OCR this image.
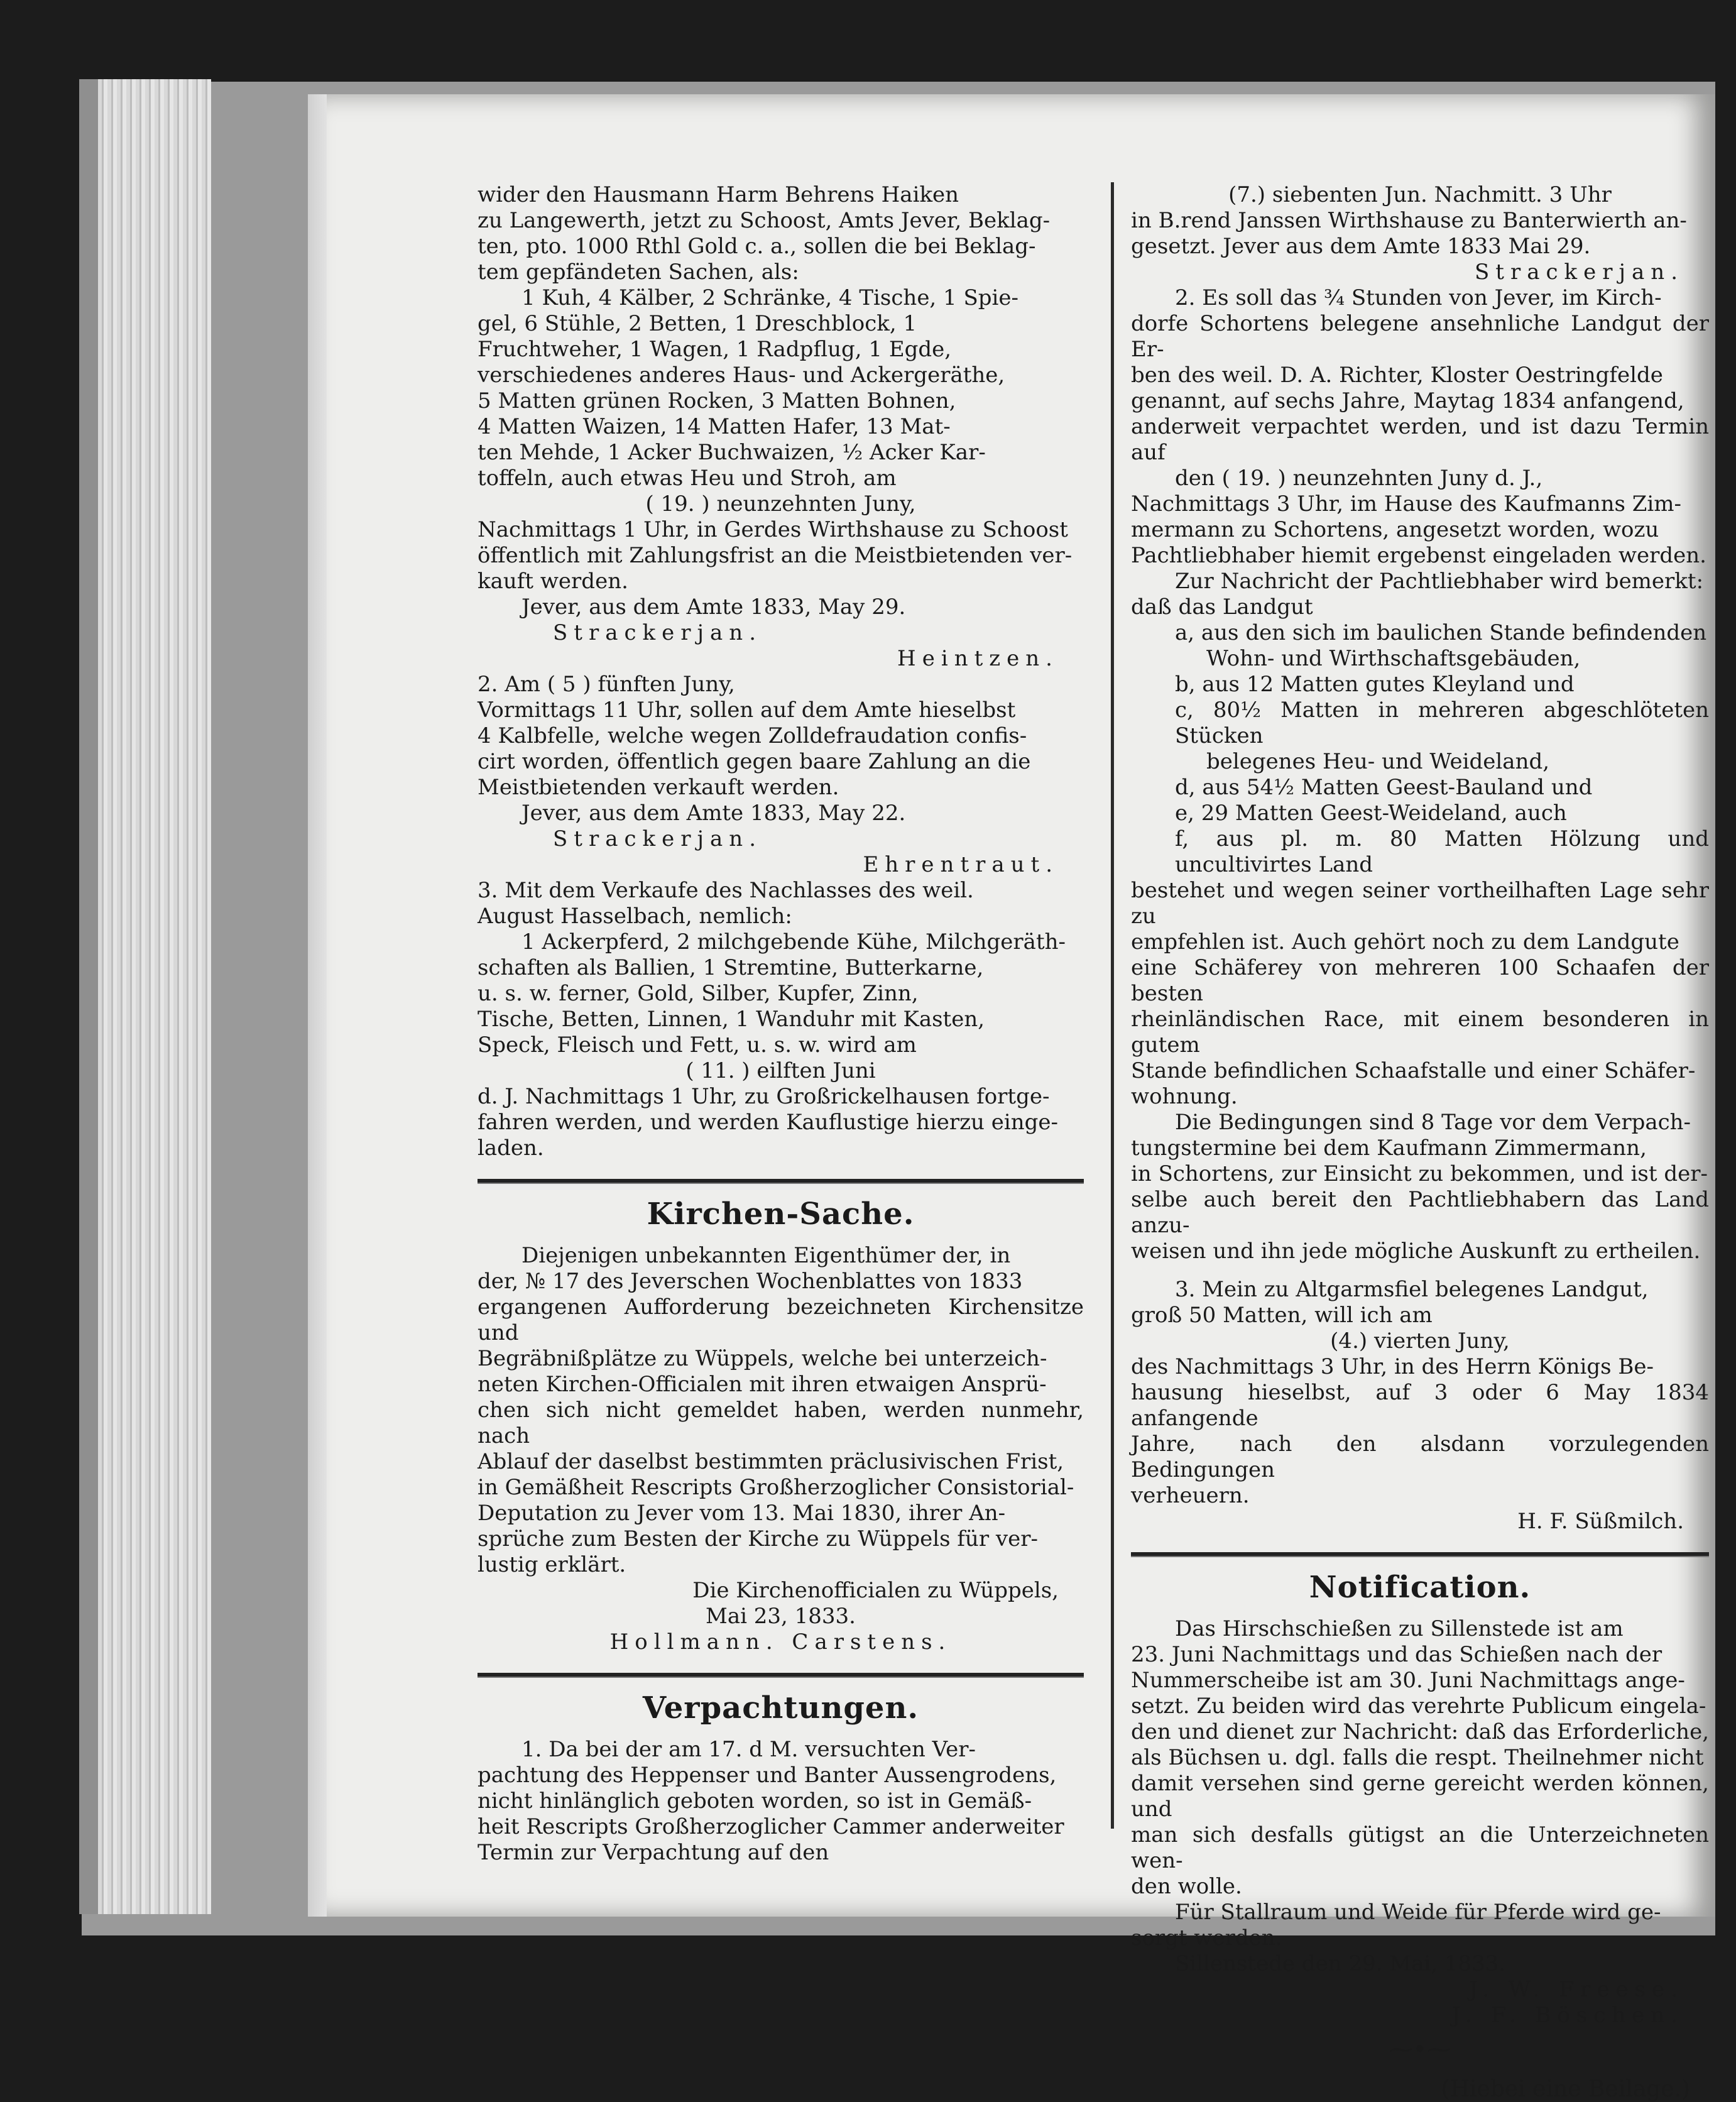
wider den Hausmann Harm Behrens Haiken

zu Langewerth, jetzt zu Schoost, Amts Jever, Beklag-

ten, pto. 1000 Rthl Gold c. a., sollen die bei Beklag-

tem gepfändeten Sachen, als:

1 Kuh, 4 Kälber, 2 Schränke, 4 Tische, 1 Spie-

gel, 6 Stühle, 2 Betten, 1 Dreschblock, 1

Fruchtweher, 1 Wagen, 1 Radpflug, 1 Egde,

verschiedenes anderes Haus- und Ackergeräthe,

5 Matten grünen Rocken, 3 Matten Bohnen,

4 Matten Waizen, 14 Matten Hafer, 13 Mat-

ten Mehde, 1 Acker Buchwaizen, ½ Acker Kar-

toffeln, auch etwas Heu und Stroh, am

( 19. ) neunzehnten Juny,

Nachmittags 1 Uhr, in Gerdes Wirthshause zu Schoost

öffentlich mit Zahlungsfrist an die Meistbietenden ver-

kauft werden.

Jever, aus dem Amte 1833, May 29.

Strackerjan.

Heintzen.

2. Am ( 5 ) fünften Juny,

Vormittags 11 Uhr, sollen auf dem Amte hieselbst

4 Kalbfelle, welche wegen Zolldefraudation confis-

cirt worden, öffentlich gegen baare Zahlung an die

Meistbietenden verkauft werden.

Jever, aus dem Amte 1833, May 22.

Strackerjan.

Ehrentraut.

3. Mit dem Verkaufe des Nachlasses des weil.

August Hasselbach, nemlich:

1 Ackerpferd, 2 milchgebende Kühe, Milchgeräth-

schaften als Ballien, 1 Stremtine, Butterkarne,

u. s. w. ferner, Gold, Silber, Kupfer, Zinn,

Tische, Betten, Linnen, 1 Wanduhr mit Kasten,

Speck, Fleisch und Fett, u. s. w. wird am

( 11. ) eilften Juni

d. J. Nachmittags 1 Uhr, zu Großrickelhausen fortge-

fahren werden, und werden Kauflustige hierzu einge-

laden.

Kirchen-Sache.

Diejenigen unbekannten Eigenthümer der, in

der, № 17 des Jeverschen Wochenblattes von 1833

ergangenen Aufforderung bezeichneten Kirchensitze und

Begräbnißplätze zu Wüppels, welche bei unterzeich-

neten Kirchen-Officialen mit ihren etwaigen Ansprü-

chen sich nicht gemeldet haben, werden nunmehr, nach

Ablauf der daselbst bestimmten präclusivischen Frist,

in Gemäßheit Rescripts Großherzoglicher Consistorial-

Deputation zu Jever vom 13. Mai 1830, ihrer An-

sprüche zum Besten der Kirche zu Wüppels für ver-

lustig erklärt.

Die Kirchenofficialen zu Wüppels,

Mai 23, 1833.

Hollmann. Carstens.

Verpachtungen.

1. Da bei der am 17. d M. versuchten Ver-

pachtung des Heppenser und Banter Aussengrodens,

nicht hinlänglich geboten worden, so ist in Gemäß-

heit Rescripts Großherzoglicher Cammer anderweiter

Termin zur Verpachtung auf den

(7.) siebenten Jun. Nachmitt. 3 Uhr

in B.rend Janssen Wirthshause zu Banterwierth an-

gesetzt. Jever aus dem Amte 1833 Mai 29.

Strackerjan.

2. Es soll das ¾ Stunden von Jever, im Kirch-

dorfe Schortens belegene ansehnliche Landgut der Er-

ben des weil. D. A. Richter, Kloster Oestringfelde

genannt, auf sechs Jahre, Maytag 1834 anfangend,

anderweit verpachtet werden, und ist dazu Termin auf

den ( 19. ) neunzehnten Juny d. J.,

Nachmittags 3 Uhr, im Hause des Kaufmanns Zim-

mermann zu Schortens, angesetzt worden, wozu

Pachtliebhaber hiemit ergebenst eingeladen werden.

Zur Nachricht der Pachtliebhaber wird bemerkt:

daß das Landgut

a, aus den sich im baulichen Stande befindenden

Wohn- und Wirthschaftsgebäuden,

b, aus 12 Matten gutes Kleyland und

c, 80½ Matten in mehreren abgeschlöteten Stücken

belegenes Heu- und Weideland,

d, aus 54½ Matten Geest-Bauland und

e, 29 Matten Geest-Weideland, auch

f, aus pl. m. 80 Matten Hölzung und uncultivirtes Land

bestehet und wegen seiner vortheilhaften Lage sehr zu

empfehlen ist. Auch gehört noch zu dem Landgute

eine Schäferey von mehreren 100 Schaafen der besten

rheinländischen Race, mit einem besonderen in gutem

Stande befindlichen Schaafstalle und einer Schäfer-

wohnung.

Die Bedingungen sind 8 Tage vor dem Verpach-

tungstermine bei dem Kaufmann Zimmermann,

in Schortens, zur Einsicht zu bekommen, und ist der-

selbe auch bereit den Pachtliebhabern das Land anzu-

weisen und ihn jede mögliche Auskunft zu ertheilen.

3. Mein zu Altgarmsfiel belegenes Landgut,

groß 50 Matten, will ich am

(4.) vierten Juny,

des Nachmittags 3 Uhr, in des Herrn Königs Be-

hausung hieselbst, auf 3 oder 6 May 1834 anfangende

Jahre, nach den alsdann vorzulegenden Bedingungen

verheuern.

H. F. Süßmilch.

Notification.

Das Hirschschießen zu Sillenstede ist am

23. Juni Nachmittags und das Schießen nach der

Nummerscheibe ist am 30. Juni Nachmittags ange-

setzt. Zu beiden wird das verehrte Publicum eingela-

den und dienet zur Nachricht: daß das Erforderliche,

als Büchsen u. dgl. falls die respt. Theilnehmer nicht

damit versehen sind gerne gereicht werden können, und

man sich desfalls gütigst an die Unterzeichneten wen-

den wolle.

Für Stallraum und Weide für Pferde wird ge-

sorgt werden.

Sillenstede den 29. Mai, 1833.

J. W. Freese.

J. F. Böschen.

⁓•⁓
(Hiebei eine Beilage.)
